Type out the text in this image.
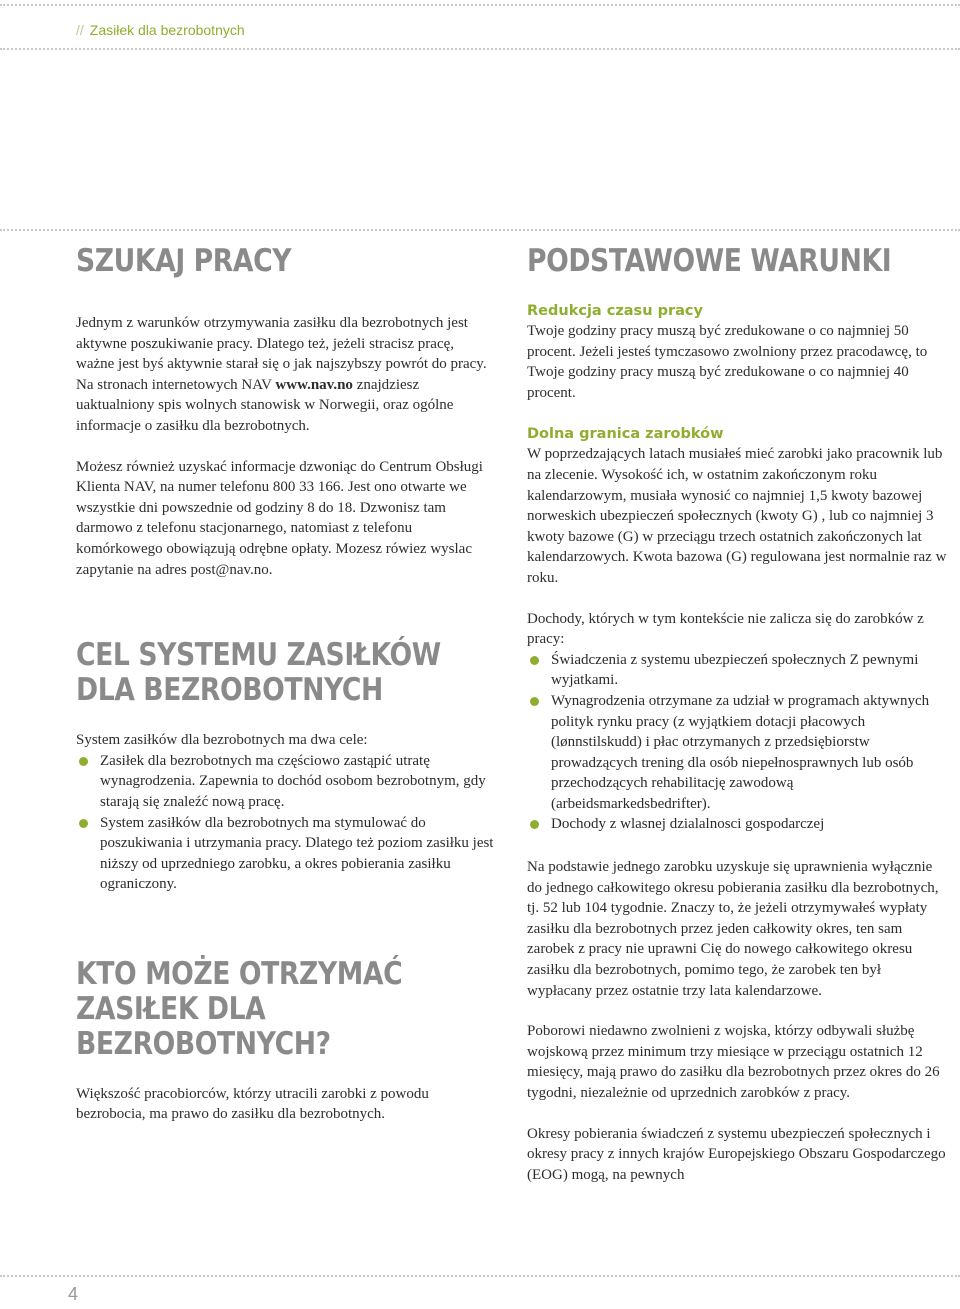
// Zasiłek dla bezrobotnych
SZUKAJ PRACY

Jednym z warunków otrzymywania zasiłku dla bezrobotnych jest aktywne poszukiwanie pracy. Dlatego też, jeżeli stracisz pracę, ważne jest byś aktywnie starał się o jak najszybszy powrót do pracy. Na stronach internetowych NAV www.nav.no znajdziesz uaktualniony spis wolnych stanowisk w Norwegii, oraz ogólne informacje o zasiłku dla bezrobotnych.

Możesz również uzyskać informacje dzwoniąc do Centrum Obsługi Klienta NAV, na numer telefonu 800 33 166. Jest ono otwarte we wszystkie dni powszednie od godziny 8 do 18. Dzwonisz tam darmowo z telefonu stacjonarnego, natomiast z telefonu komórkowego obowiązują odrębne opłaty. Mozesz rówiez wyslac zapytanie na adres post@nav.no.

CEL SYSTEMU ZASIŁKÓW DLA BEZROBOTNYCH

System zasiłków dla bezrobotnych ma dwa cele:

Zasiłek dla bezrobotnych ma częściowo zastąpić utratę wynagrodzenia. Zapewnia to dochód osobom bezrobotnym, gdy starają się znaleźć nową pracę.
System zasiłków dla bezrobotnych ma stymulować do poszukiwania i utrzymania pracy. Dlatego też poziom zasiłku jest niższy od uprzedniego zarobku, a okres pobierania zasiłku ograniczony.
KTO MOŻE OTRZYMAĆ ZASIŁEK DLA BEZROBOTNYCH?

Większość pracobiorców, którzy utracili zarobki z powodu bezrobocia, ma prawo do zasiłku dla bezrobotnych.

PODSTAWOWE WARUNKI
Redukcja czasu pracy

Twoje godziny pracy muszą być zredukowane o co najmniej 50 procent. Jeżeli jesteś tymczasowo zwolniony przez pracodawcę, to Twoje godziny pracy muszą być zredukowane o co najmniej 40 procent.

Dolna granica zarobków

W poprzedzających latach musiałeś mieć zarobki jako pracownik lub na zlecenie. Wysokość ich, w ostatnim zakończonym roku kalendarzowym, musiała wynosić co najmniej 1,5 kwoty bazowej norweskich ubezpieczeń społecznych (kwoty G) , lub co najmniej 3 kwoty bazowe (G) w przeciągu trzech ostatnich zakończonych lat kalendarzowych. Kwota bazowa (G) regulowana jest normalnie raz w roku.

Dochody, których w tym kontekście nie zalicza się do zarobków z pracy:

Świadczenia z systemu ubezpieczeń społecznych Z pewnymi wyjatkami.
Wynagrodzenia otrzymane za udział w programach aktywnych polityk rynku pracy (z wyjątkiem dotacji płacowych (lønnstilskudd) i płac otrzymanych z przedsiębiorstw prowadzących trening dla osób niepełnosprawnych lub osób przechodzących rehabilitację zawodową (arbeidsmarkedsbedrifter).
Dochody z wlasnej dzialalnosci gospodarczej

Na podstawie jednego zarobku uzyskuje się uprawnienia wyłącznie do jednego całkowitego okresu pobierania zasiłku dla bezrobotnych, tj. 52 lub 104 tygodnie. Znaczy to, że jeżeli otrzymywałeś wypłaty zasiłku dla bezrobotnych przez jeden całkowity okres, ten sam zarobek z pracy nie uprawni Cię do nowego całkowitego okresu zasiłku dla bezrobotnych, pomimo tego, że zarobek ten był wypłacany przez ostatnie trzy lata kalendarzowe.

Poborowi niedawno zwolnieni z wojska, którzy odbywali służbę wojskową przez minimum trzy miesiące w przeciągu ostatnich 12 miesięcy, mają prawo do zasiłku dla bezrobotnych przez okres do 26 tygodni, niezależnie od uprzednich zarobków z pracy.

Okresy pobierania świadczeń z systemu ubezpieczeń społecznych i okresy pracy z innych krajów Europejskiego Obszaru Gospodarczego (EOG) mogą, na pewnych

4
